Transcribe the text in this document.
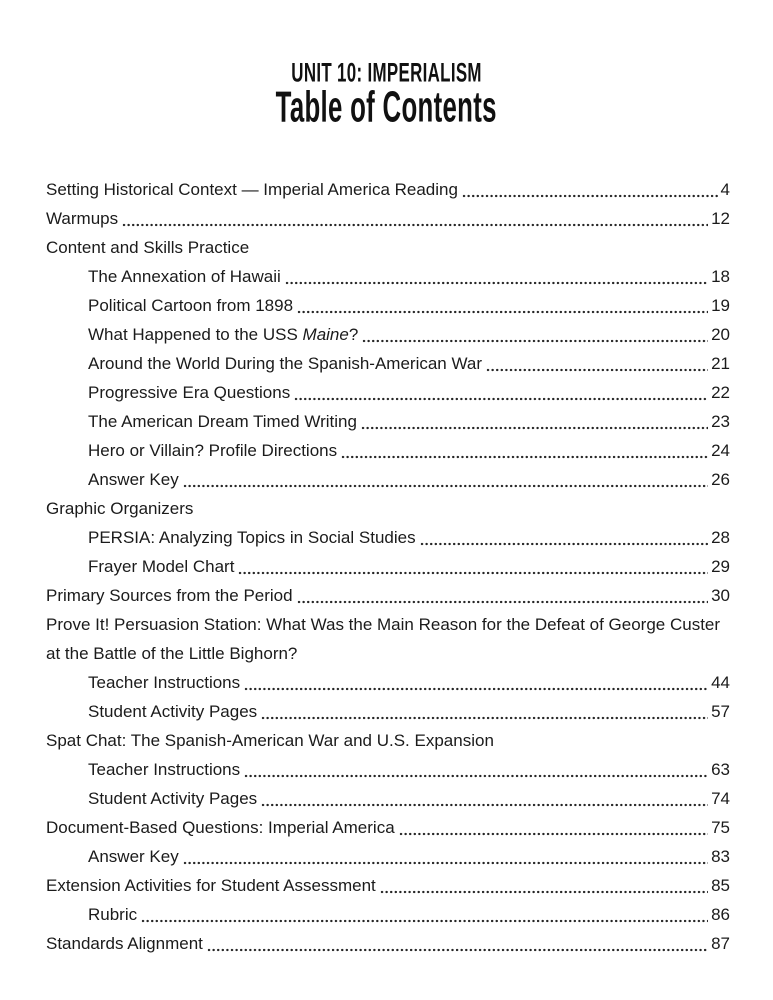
UNIT 10: IMPERIALISM
Table of Contents
Setting Historical Context — Imperial America Reading	4
Warmups	12
Content and Skills Practice
The Annexation of Hawaii	18
Political Cartoon from 1898	19
What Happened to the USS Maine?	20
Around the World During the Spanish-American War	21
Progressive Era Questions	22
The American Dream Timed Writing	23
Hero or Villain? Profile Directions	24
Answer Key	26
Graphic Organizers
PERSIA: Analyzing Topics in Social Studies	28
Frayer Model Chart	29
Primary Sources from the Period	30
Prove It! Persuasion Station: What Was the Main Reason for the Defeat of George Custer at the Battle of the Little Bighorn?
Teacher Instructions	44
Student Activity Pages	57
Spat Chat: The Spanish-American War and U.S. Expansion
Teacher Instructions	63
Student Activity Pages	74
Document-Based Questions: Imperial America	75
Answer Key	83
Extension Activities for Student Assessment	85
Rubric	86
Standards Alignment	87
